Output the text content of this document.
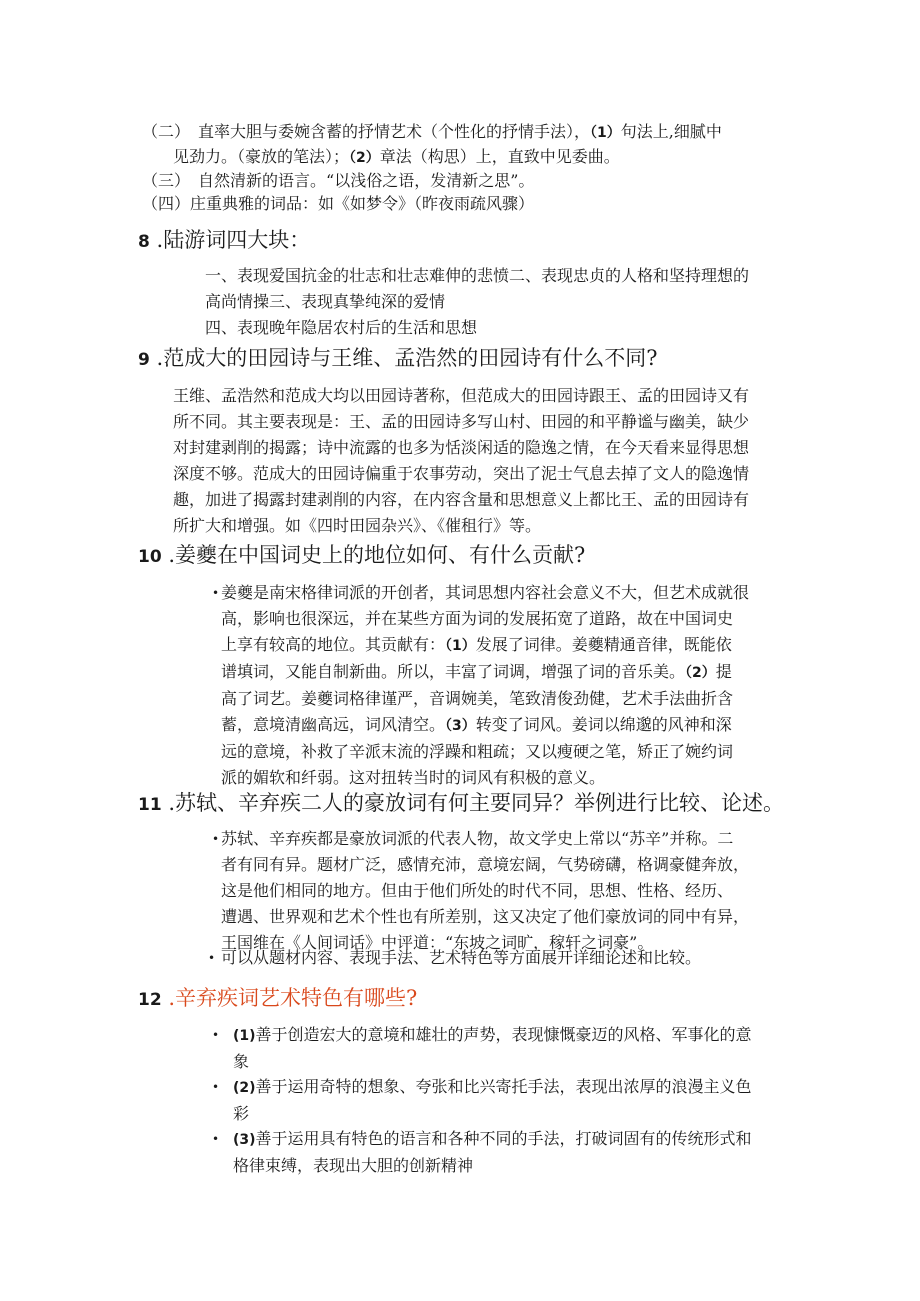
（二）　直率大胆与委婉含蓄的抒情艺术（个性化的抒情手法），（1）句法上,细腻中
见劲力。（豪放的笔法）；（2）章法（构思）上，直致中见委曲。
（三）　自然清新的语言。“以浅俗之语，发清新之思”。
（四）庄重典雅的词品：如《如梦令》（昨夜雨疏风骤）
8 .陆游词四大块：
一、表现爱国抗金的壮志和壮志难伸的悲愤二、表现忠贞的人格和坚持理想的
高尚情操三、表现真挚纯深的爱情
四、表现晚年隐居农村后的生活和思想
9 .范成大的田园诗与王维、孟浩然的田园诗有什么不同?
王维、孟浩然和范成大均以田园诗著称，但范成大的田园诗跟王、孟的田园诗又有
所不同。其主要表现是：王、孟的田园诗多写山村、田园的和平静谧与幽美，缺少
对封建剥削的揭露；诗中流露的也多为恬淡闲适的隐逸之情，在今天看来显得思想
深度不够。范成大的田园诗偏重于农事劳动，突出了泥士气息去掉了文人的隐逸情
趣，加进了揭露封建剥削的内容，在内容含量和思想意义上都比王、孟的田园诗有
所扩大和增强。如《四时田园杂兴》、《催租行》等。
10 .姜夔在中国词史上的地位如何、有什么贡献?
• 姜夔是南宋格律词派的开创者，其词思想内容社会意义不大，但艺术成就很
高，影响也很深远，并在某些方面为词的发展拓宽了道路，故在中国词史
上享有较高的地位。其贡献有：（1）发展了词律。姜夔精通音律，既能依
谱填词，又能自制新曲。所以，丰富了词调，增强了词的音乐美。（2）提
高了词艺。姜夔词格律谨严，音调婉美，笔致清俊劲健，艺术手法曲折含
蓄，意境清幽高远，词风清空。（3）转变了词风。姜词以绵邈的风神和深
远的意境，补救了辛派末流的浮躁和粗疏；又以瘦硬之笔，矫正了婉约词
派的媚软和纤弱。这对扭转当时的词风有积极的意义。
11 .苏轼、辛弃疾二人的豪放词有何主要同异？举例进行比较、论述。
• 苏轼、辛弃疾都是豪放词派的代表人物，故文学史上常以“苏辛”并称。二
者有同有异。题材广泛，感情充沛，意境宏阔，气势磅礴，格调豪健奔放，
这是他们相同的地方。但由于他们所处的时代不同，思想、性格、经历、
遭遇、世界观和艺术个性也有所差别，这又决定了他们豪放词的同中有异，
王国维在《人间词话》中评道：“东坡之词旷，稼轩之词豪”。
• 可以从题材内容、表现手法、艺术特色等方面展开详细论述和比较。
12 .辛弃疾词艺术特色有哪些?
• (1)善于创造宏大的意境和雄壮的声势，表现慷慨豪迈的风格、军事化的意
象
• (2)善于运用奇特的想象、夸张和比兴寄托手法，表现出浓厚的浪漫主义色
彩
• (3)善于运用具有特色的语言和各种不同的手法，打破词固有的传统形式和
格律束缚，表现出大胆的创新精神
